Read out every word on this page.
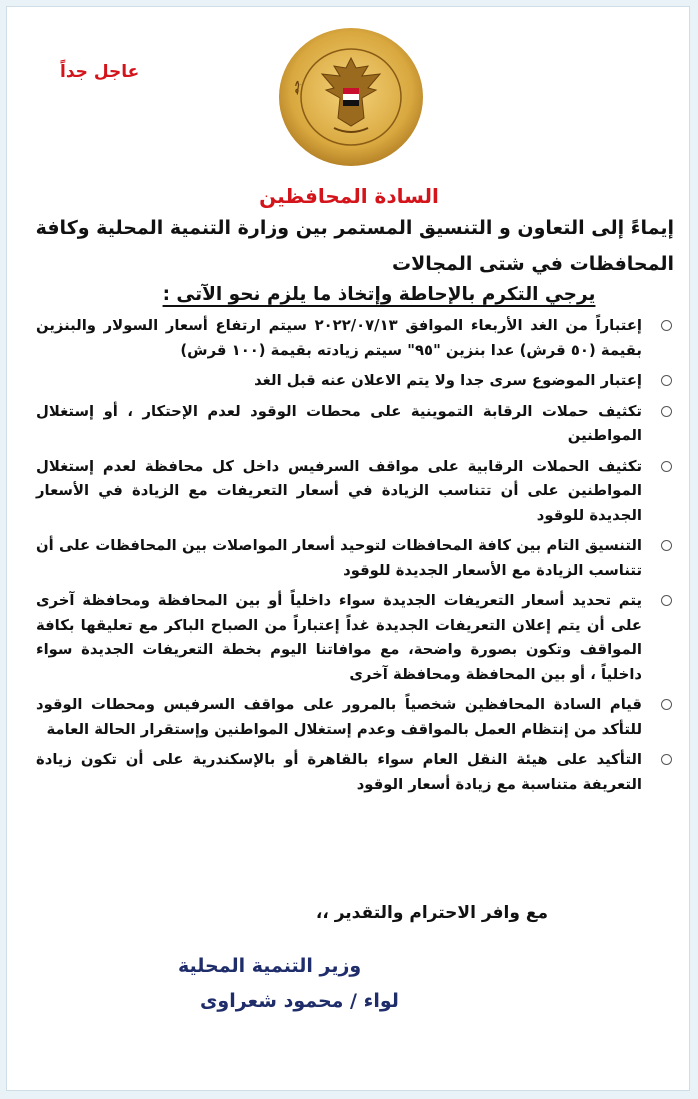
عاجل جداً
جم
السادة المحافظين
إيماءً إلى التعاون و التنسيق المستمر بين وزارة التنمية المحلية وكافة المحافظات في شتى المجالات
يرجي التكرم بالإحاطة وإتخاذ ما يلزم نحو الآتى :
إعتباراً من الغد الأربعاء الموافق ٢٠٢٢/٠٧/١٣ سيتم ارتفاع أسعار السولار والبنزين بقيمة (٥٠ قرش) عدا بنزين "٩٥" سيتم زيادته بقيمة (١٠٠ قرش)
إعتبار الموضوع سرى جدا ولا يتم الاعلان عنه قبل الغد
تكثيف حملات الرقابة التموينية على محطات الوقود لعدم الإحتكار ، أو إستغلال المواطنين
تكثيف الحملات الرقابية على مواقف السرفيس داخل كل محافظة لعدم إستغلال المواطنين على أن تتناسب الزيادة في أسعار التعريفات مع الزيادة في الأسعار الجديدة للوقود
التنسيق التام بين كافة المحافظات لتوحيد أسعار المواصلات بين المحافظات على أن تتناسب الزيادة مع الأسعار الجديدة للوقود
يتم تحديد أسعار التعريفات الجديدة سواء داخلياً أو بين المحافظة ومحافظة آخرى على أن يتم إعلان التعريفات الجديدة غداً إعتباراً من الصباح الباكر مع تعليقها بكافة المواقف وتكون بصورة واضحة، مع موافاتنا اليوم بخطة التعريفات الجديدة سواء داخلياً ، أو بين المحافظة ومحافظة آخرى
قيام السادة المحافظين شخصياً بالمرور على مواقف السرفيس ومحطات الوقود للتأكد من إنتظام العمل بالمواقف وعدم إستغلال المواطنين وإستقرار الحالة العامة
التأكيد على هيئة النقل العام سواء بالقاهرة أو بالإسكندرية على أن تكون زيادة التعريفة متناسبة مع زيادة أسعار الوقود
مع وافر الاحترام والتقدير ،،
وزير التنمية المحلية
لواء / محمود شعراوى
